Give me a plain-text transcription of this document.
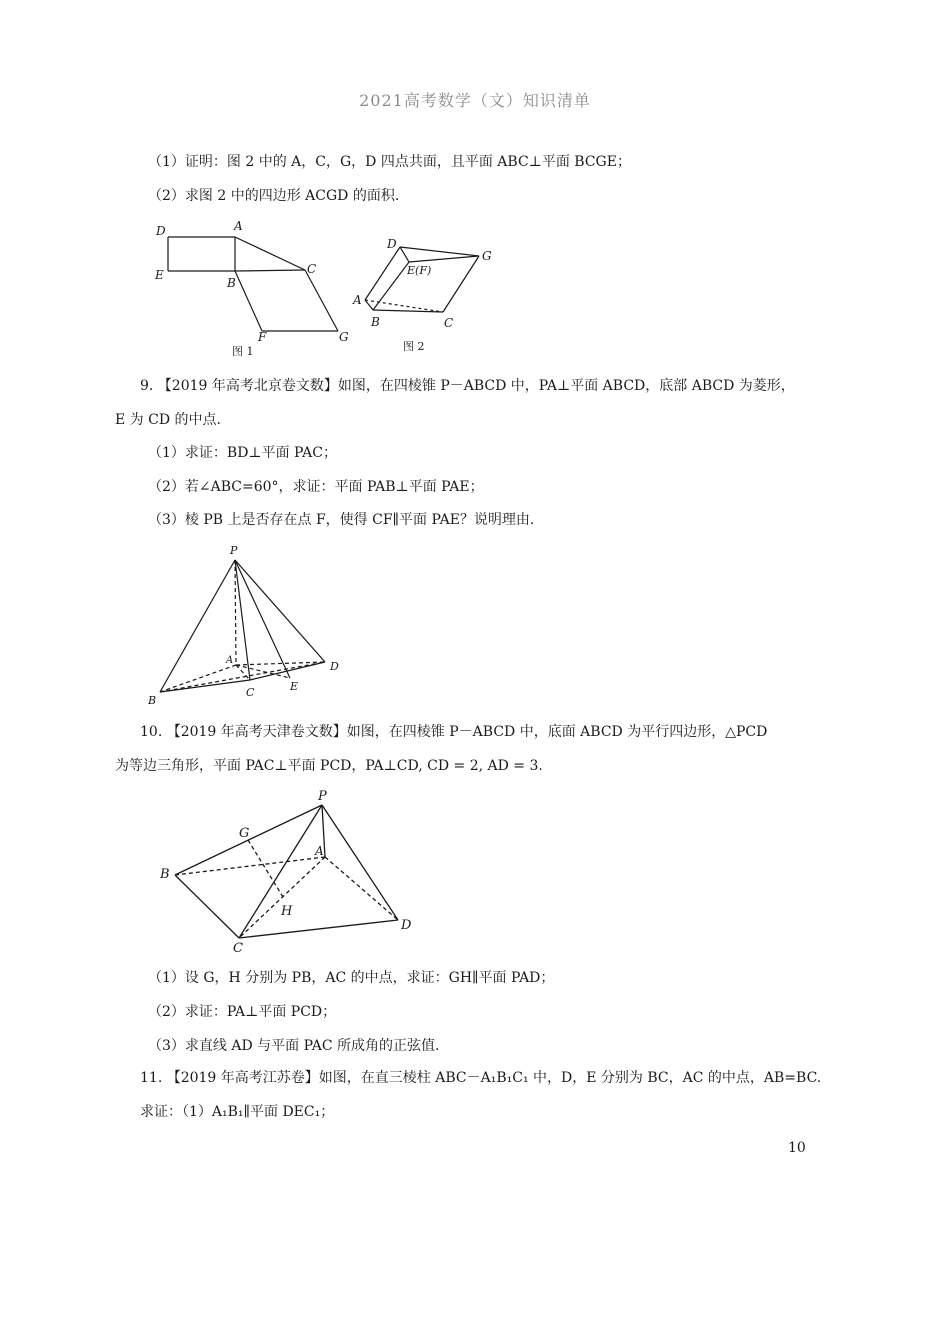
2021高考数学（文）知识清单
（1）证明：图 2 中的 A，C，G，D 四点共面，且平面 ABC⊥平面 BCGE；
（2）求图 2 中的四边形 ACGD 的面积.
D	A
E
B
C
F	G
图 1
D
E(F)
G
A
B	C
图 2
9. 【2019 年高考北京卷文数】如图，在四棱锥 P－ABCD 中，PA⊥平面 ABCD，底部 ABCD 为菱形，
E 为 CD 的中点.
（1）求证：BD⊥平面 PAC；
（2）若∠ABC=60°，求证：平面 PAB⊥平面 PAE；
（3）棱 PB 上是否存在点 F，使得 CF∥平面 PAE？说明理由.
P
A	D
B
C	E
10. 【2019 年高考天津卷文数】如图，在四棱锥 P－ABCD 中，底面 ABCD 为平行四边形，△PCD
为等边三角形，平面 PAC⊥平面 PCD，PA⊥CD, CD = 2, AD = 3.
P
G
A
B
H
C
D
（1）设 G，H 分别为 PB，AC 的中点，求证：GH∥平面 PAD；
（2）求证：PA⊥平面 PCD；
（3）求直线 AD 与平面 PAC 所成角的正弦值.
11. 【2019 年高考江苏卷】如图，在直三棱柱 ABC－A₁B₁C₁ 中，D，E 分别为 BC，AC 的中点，AB=BC.
求证：（1）A₁B₁∥平面 DEC₁；
10
